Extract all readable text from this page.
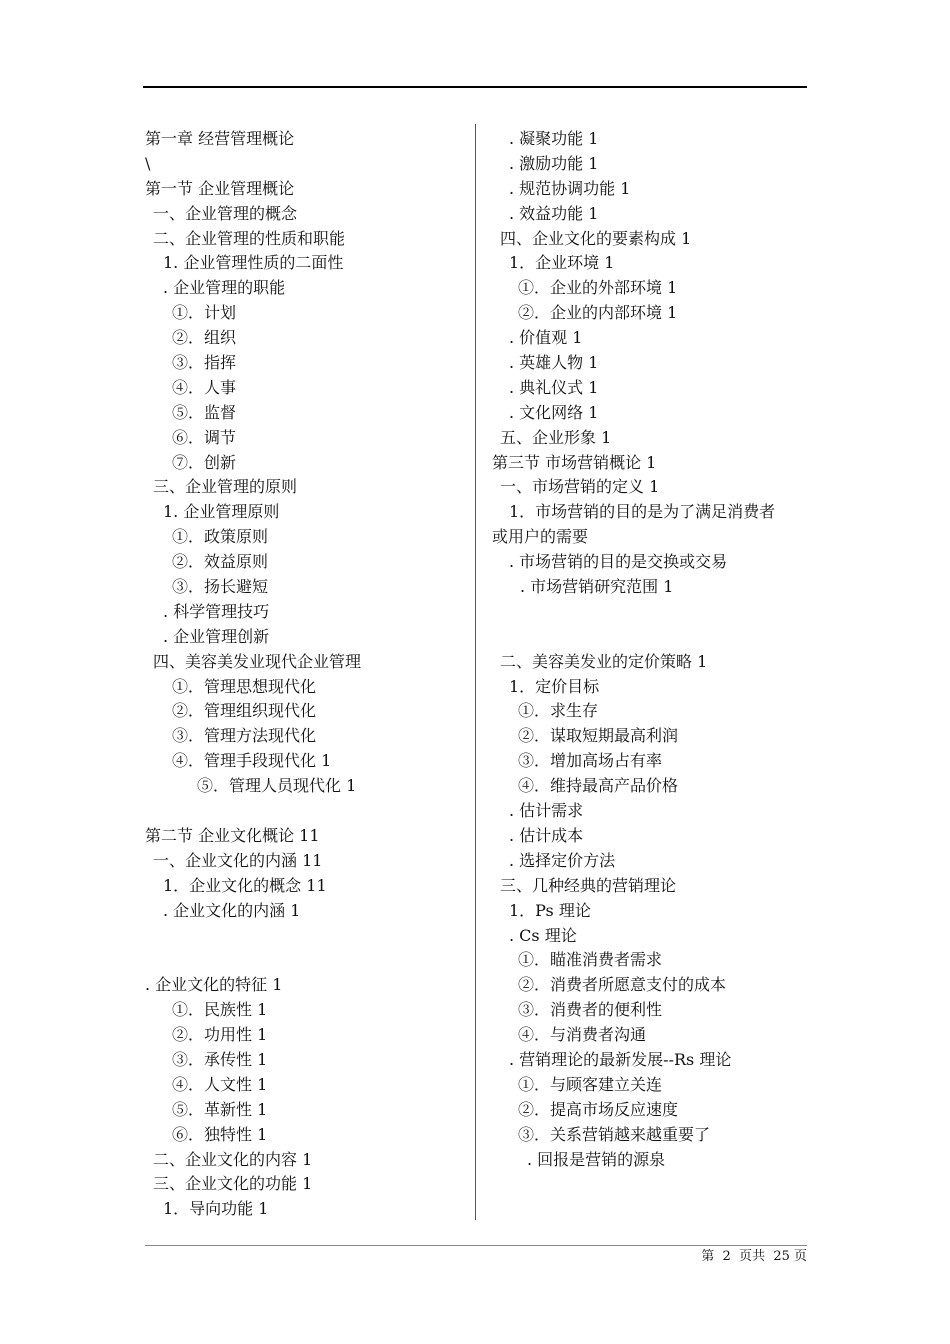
第一章 经营管理概论
\
第一节 企业管理概论
一、企业管理的概念
二、企业管理的性质和职能
1. 企业管理性质的二面性
. 企业管理的职能
①．计划
②．组织
③．指挥
④．人事
⑤．监督
⑥．调节
⑦．创新
三、企业管理的原则
1. 企业管理原则
①．政策原则
②．效益原则
③．扬长避短
. 科学管理技巧
. 企业管理创新
四、美容美发业现代企业管理
①．管理思想现代化
②．管理组织现代化
③．管理方法现代化
④．管理手段现代化 1
⑤．管理人员现代化 1
第二节 企业文化概论 11
一、企业文化的内涵 11
1．企业文化的概念 11
. 企业文化的内涵 1
. 企业文化的特征 1
①．民族性 1
②．功用性 1
③．承传性 1
④．人文性 1
⑤．革新性 1
⑥．独特性 1
二、企业文化的内容 1
三、企业文化的功能 1
1．导向功能 1
. 凝聚功能 1
. 激励功能 1
. 规范协调功能 1
. 效益功能 1
四、企业文化的要素构成 1
1．企业环境 1
①．企业的外部环境 1
②．企业的内部环境 1
. 价值观 1
. 英雄人物 1
. 典礼仪式 1
. 文化网络 1
五、企业形象 1
第三节 市场营销概论 1
一、市场营销的定义 1
1．市场营销的目的是为了满足消费者
或用户的需要
. 市场营销的目的是交换或交易
. 市场营销研究范围 1
二、美容美发业的定价策略 1
1．定价目标
①．求生存
②．谋取短期最高利润
③．增加高场占有率
④．维持最高产品价格
. 估计需求
. 估计成本
. 选择定价方法
三、几种经典的营销理论
1．Ps 理论
. Cs 理论
①．瞄准消费者需求
②．消费者所愿意支付的成本
③．消费者的便利性
④．与消费者沟通
. 营销理论的最新发展--Rs 理论
①．与顾客建立关连
②．提高市场反应速度
③．关系营销越来越重要了
. 回报是营销的源泉
第  2  页共  25 页
